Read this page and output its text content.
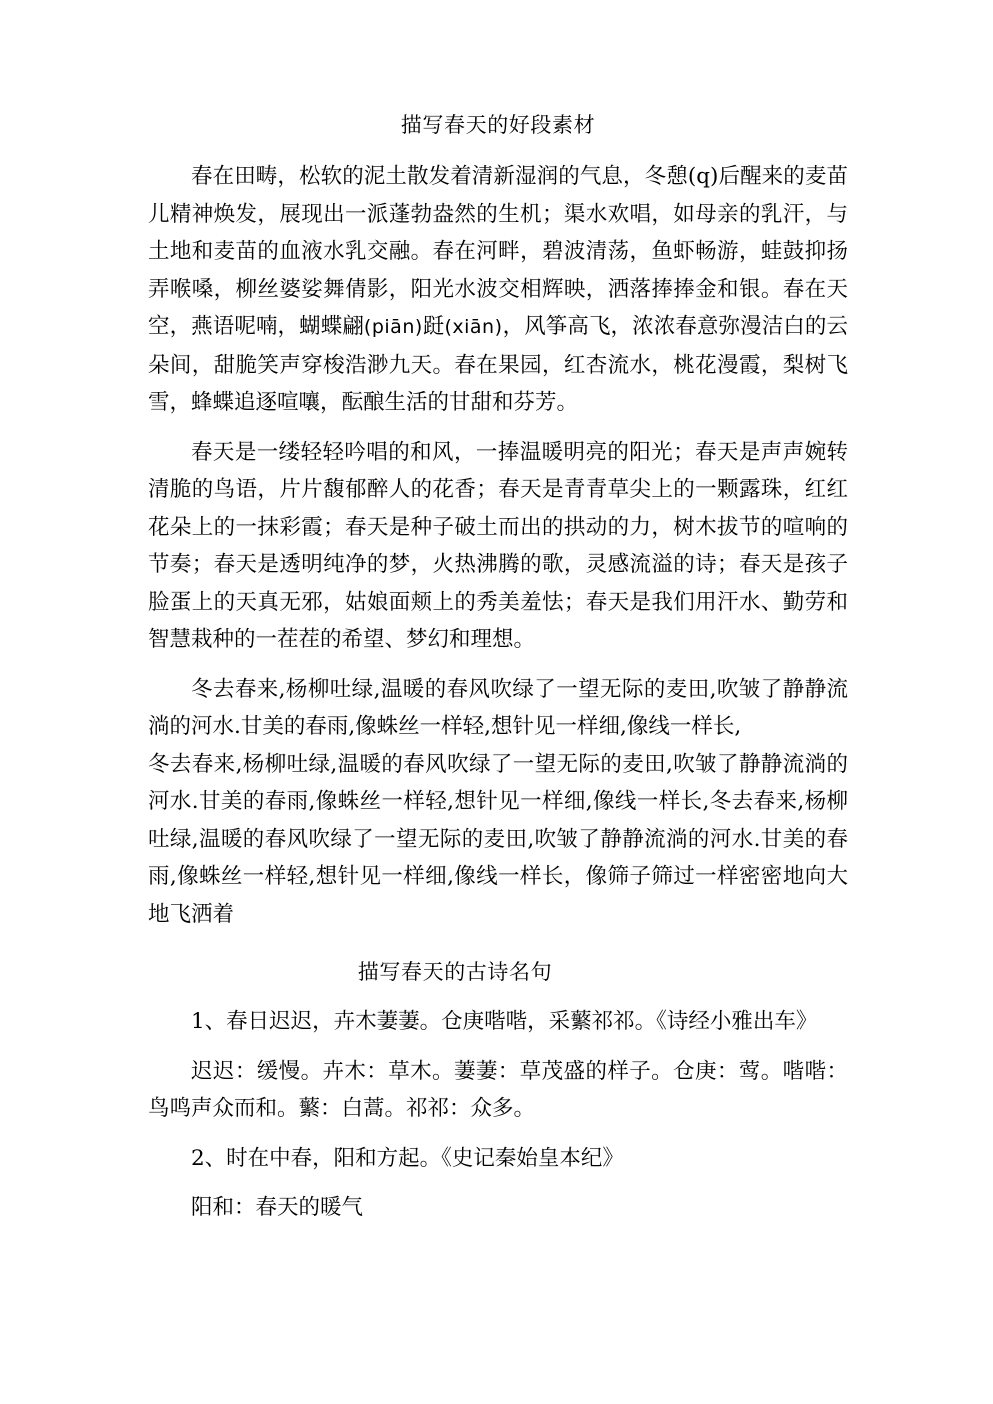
描写春天的好段素材

春在田畴，松软的泥土散发着清新湿润的气息，冬憩(q)后醒来的麦苗儿精神焕发，展现出一派蓬勃盎然的生机；渠水欢唱，如母亲的乳汗，与土地和麦苗的血液水乳交融。春在河畔，碧波清荡，鱼虾畅游，蛙鼓抑扬弄喉嗓，柳丝婆娑舞倩影，阳光水波交相辉映，洒落捧捧金和银。春在天空，燕语呢喃，蝴蝶翩(piān)跹(xiān)，风筝高飞，浓浓春意弥漫洁白的云朵间，甜脆笑声穿梭浩渺九天。春在果园，红杏流水，桃花漫霞，梨树飞雪，蜂蝶追逐喧嚷，酝酿生活的甘甜和芬芳。

春天是一缕轻轻吟唱的和风，一捧温暖明亮的阳光；春天是声声婉转清脆的鸟语，片片馥郁醉人的花香；春天是青青草尖上的一颗露珠，红红花朵上的一抹彩霞；春天是种子破土而出的拱动的力，树木拔节的喧响的节奏；春天是透明纯净的梦，火热沸腾的歌，灵感流溢的诗；春天是孩子脸蛋上的天真无邪，姑娘面颊上的秀美羞怯；春天是我们用汗水、勤劳和智慧栽种的一茬茬的希望、梦幻和理想。

冬去春来,杨柳吐绿,温暖的春风吹绿了一望无际的麦田,吹皱了静静流淌的河水.甘美的春雨,像蛛丝一样轻,想针见一样细,像线一样长,

冬去春来,杨柳吐绿,温暖的春风吹绿了一望无际的麦田,吹皱了静静流淌的河水.甘美的春雨,像蛛丝一样轻,想针见一样细,像线一样长,冬去春来,杨柳吐绿,温暖的春风吹绿了一望无际的麦田,吹皱了静静流淌的河水.甘美的春雨,像蛛丝一样轻,想针见一样细,像线一样长，像筛子筛过一样密密地向大地飞洒着

描写春天的古诗名句

1、春日迟迟，卉木萋萋。仓庚喈喈，采蘩祁祁。《诗经小雅出车》

迟迟：缓慢。卉木：草木。萋萋：草茂盛的样子。仓庚：莺。喈喈：鸟鸣声众而和。蘩：白蒿。祁祁：众多。

2、时在中春，阳和方起。《史记秦始皇本纪》

阳和：春天的暖气
